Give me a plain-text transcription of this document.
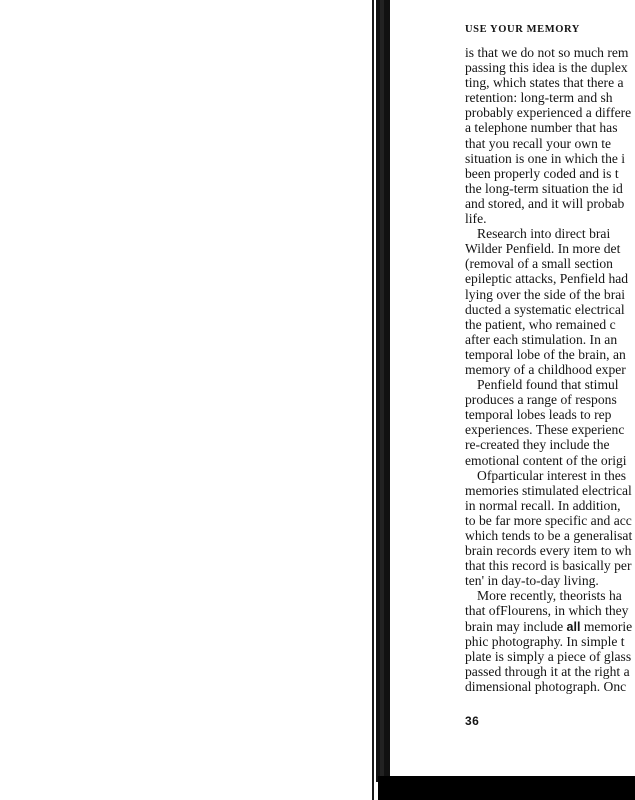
USE YOUR MEMORY
is that we do not so much rem
passing this idea is the duplex
ting, which states that there a
retention: long-term and sh
probably experienced a differe
a telephone number that has
that you recall your own te
situation is one in which the i
been properly coded and is t
the long-term situation the id
and stored, and it will probab
life.
Research into direct brai
Wilder Penfield. In more det
(removal of a small section
epileptic attacks, Penfield had
lying over the side of the brai
ducted a systematic electrical
the patient, who remained c
after each stimulation. In an
temporal lobe of the brain, an
memory of a childhood exper
Penfield found that stimul
produces a range of respons
temporal lobes leads to rep
experiences. These experienc
re-created they include the
emotional content of the origi
Ofparticular interest in thes
memories stimulated electrical
in normal recall. In addition,
to be far more specific and acc
which tends to be a generalisat
brain records every item to wh
that this record is basically per
ten' in day-to-day living.
More recently, theorists ha
that ofFlourens, in which they
brain may include all memorie
phic photography. In simple t
plate is simply a piece of glass
passed through it at the right a
dimensional photograph. Onc
36
